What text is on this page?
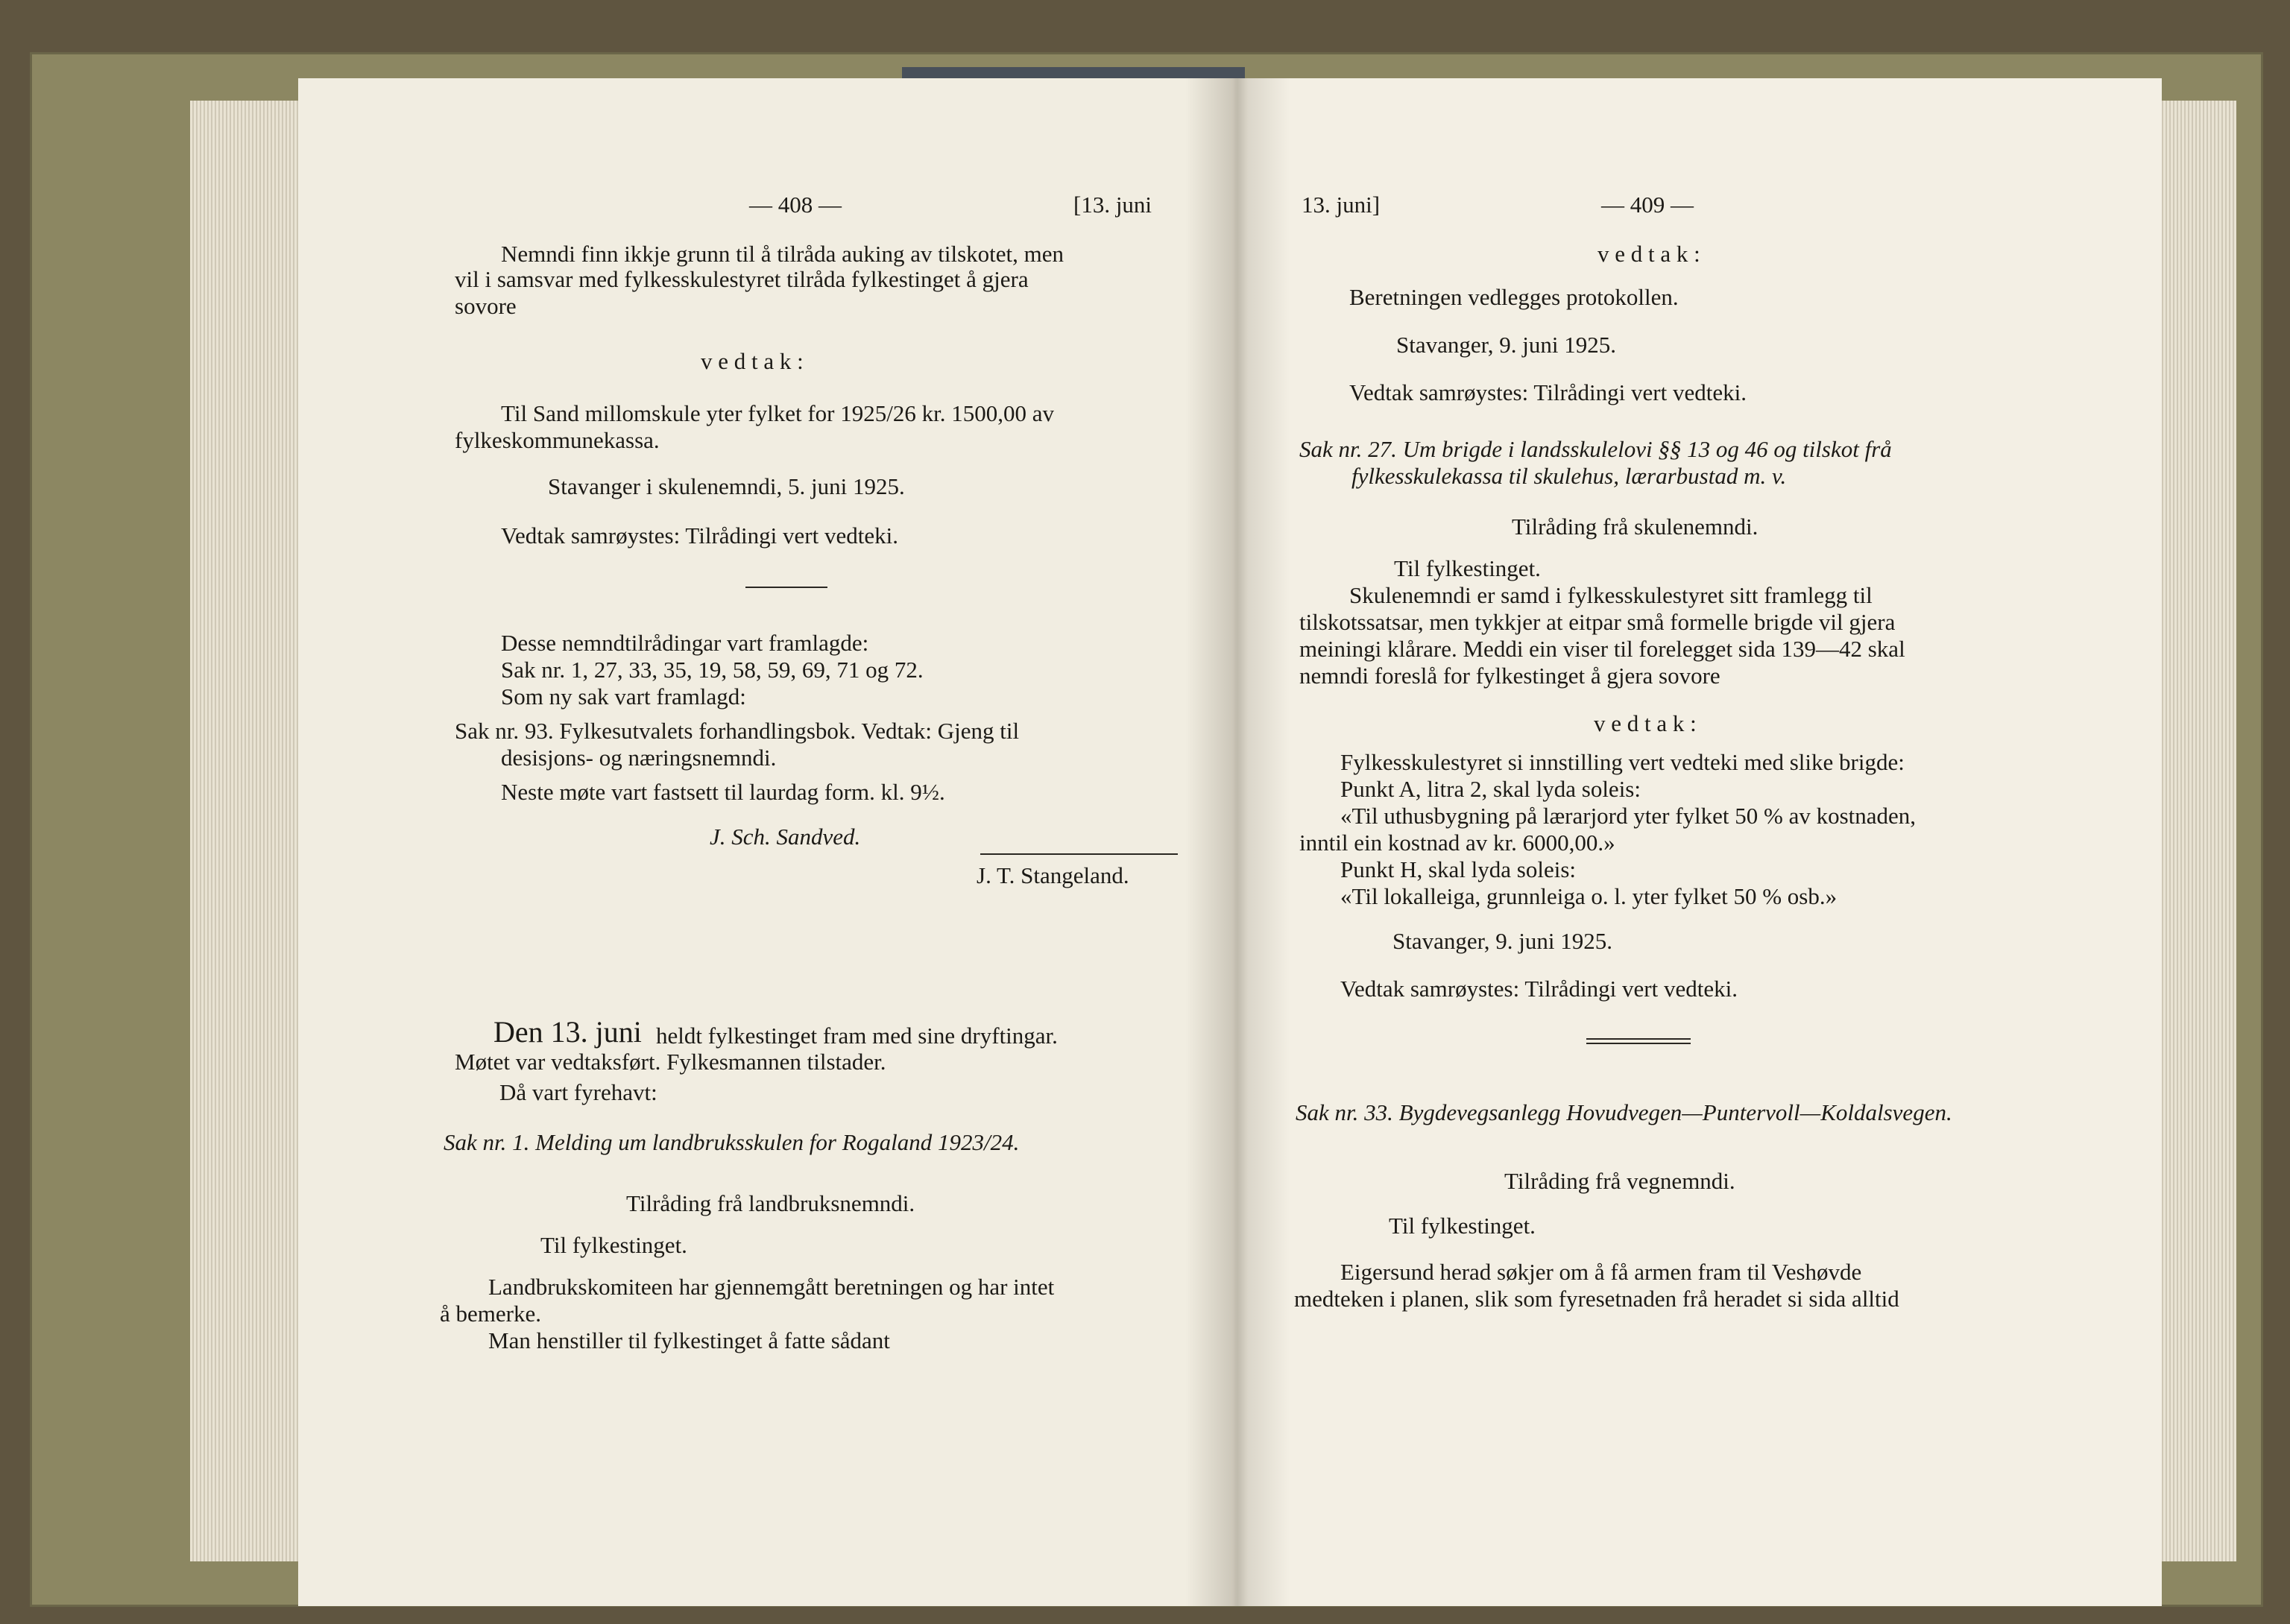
— 408 —	[13. juni
Nemndi finn ikkje grunn til å tilråda auking av tilskotet, men
vil i samsvar med fylkesskulestyret tilråda fylkestinget å gjera
sovore
v e d t a k :
Til Sand millomskule yter fylket for 1925/26 kr. 1500,00 av
fylkeskommunekassa.
Stavanger i skulenemndi, 5. juni 1925.
Vedtak samrøystes: Tilrådingi vert vedteki.
Desse nemndtilrådingar vart framlagde:
Sak nr. 1, 27, 33, 35, 19, 58, 59, 69, 71 og 72.
Som ny sak vart framlagd:
Sak nr. 93. Fylkesutvalets forhandlingsbok. Vedtak: Gjeng til
desisjons- og næringsnemndi.
Neste møte vart fastsett til laurdag form. kl. 9½.
J. Sch. Sandved.
J. T. Stangeland.
Den 13. juni heldt fylkestinget fram med sine dryftingar.
Møtet var vedtaksført. Fylkesmannen tilstader.
Då vart fyrehavt:
Sak nr. 1. Melding um landbruksskulen for Rogaland 1923/24.
Tilråding frå landbruksnemndi.
Til fylkestinget.
Landbrukskomiteen har gjennemgått beretningen og har intet
å bemerke.
Man henstiller til fylkestinget å fatte sådant
13. juni]	— 409 —
v e d t a k :
Beretningen vedlegges protokollen.
Stavanger, 9. juni 1925.
Vedtak samrøystes: Tilrådingi vert vedteki.
Sak nr. 27. Um brigde i landsskulelovi §§ 13 og 46 og tilskot frå
fylkesskulekassa til skulehus, lærarbustad m. v.
Tilråding frå skulenemndi.
Til fylkestinget.
Skulenemndi er samd i fylkesskulestyret sitt framlegg til
tilskotssatsar, men tykkjer at eitpar små formelle brigde vil gjera
meiningi klårare. Meddi ein viser til forelegget sida 139—42 skal
nemndi foreslå for fylkestinget å gjera sovore
v e d t a k :
Fylkesskulestyret si innstilling vert vedteki med slike brigde:
Punkt A, litra 2, skal lyda soleis:
«Til uthusbygning på lærarjord yter fylket 50 % av kostnaden,
inntil ein kostnad av kr. 6000,00.»
Punkt H, skal lyda soleis:
«Til lokalleiga, grunnleiga o. l. yter fylket 50 % osb.»
Stavanger, 9. juni 1925.
Vedtak samrøystes: Tilrådingi vert vedteki.
Sak nr. 33. Bygdevegsanlegg Hovudvegen—Puntervoll—Koldalsvegen.
Tilråding frå vegnemndi.
Til fylkestinget.
Eigersund herad søkjer om å få armen fram til Veshøvde
medteken i planen, slik som fyresetnaden frå heradet si sida alltid
